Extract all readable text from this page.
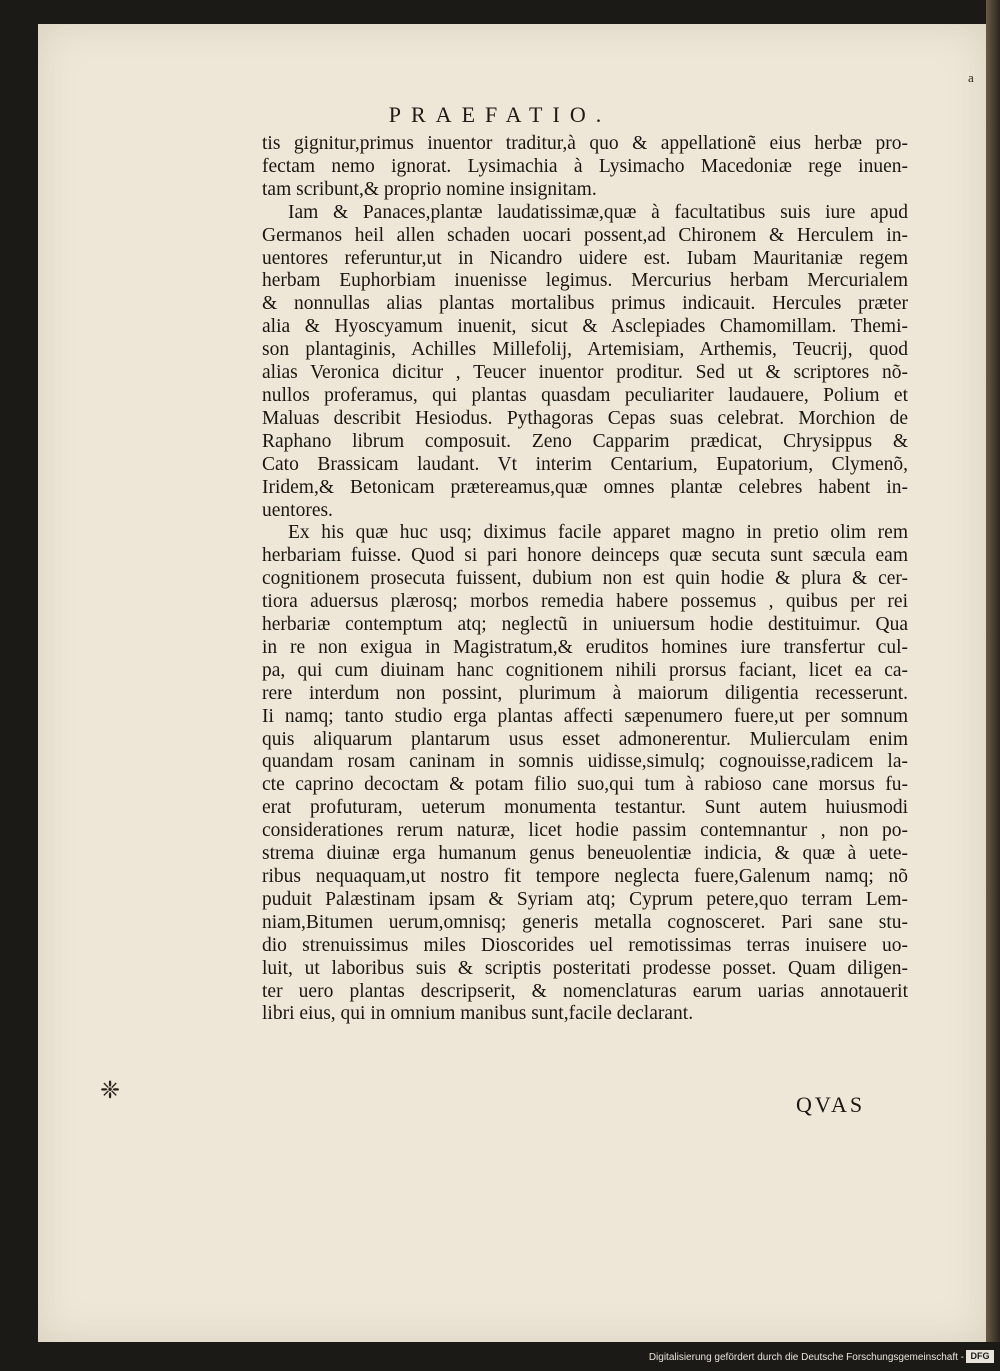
a
PRAEFATIO.
tis gignitur,primus inuentor traditur,à quo & appellationẽ eius herbæ pro-
fectam nemo ignorat. Lysimachia à Lysimacho Macedoniæ rege inuen-
tam scribunt,& proprio nomine insignitam.
Iam & Panaces,plantæ laudatissimæ,quæ à facultatibus suis iure apud
Germanos heil allen schaden uocari possent,ad Chironem & Herculem in-
uentores referuntur,ut in Nicandro uidere est. Iubam Mauritaniæ regem
herbam Euphorbiam inuenisse legimus. Mercurius herbam Mercurialem
& nonnullas alias plantas mortalibus primus indicauit. Hercules præter
alia & Hyoscyamum inuenit, sicut & Asclepiades Chamomillam. Themi-
son plantaginis, Achilles Millefolij, Artemisiam, Arthemis, Teucrij, quod
alias Veronica dicitur , Teucer inuentor proditur. Sed ut & scriptores nõ-
nullos proferamus, qui plantas quasdam peculiariter laudauere, Polium et
Maluas describit Hesiodus. Pythagoras Cepas suas celebrat. Morchion de
Raphano librum composuit. Zeno Capparim prædicat, Chrysippus &
Cato Brassicam laudant. Vt interim Centarium, Eupatorium, Clymenõ,
Iridem,& Betonicam prætereamus,quæ omnes plantæ celebres habent in-
uentores.
Ex his quæ huc usq; diximus facile apparet magno in pretio olim rem
herbariam fuisse. Quod si pari honore deinceps quæ secuta sunt sæcula eam
cognitionem prosecuta fuissent, dubium non est quin hodie & plura & cer-
tiora aduersus plærosq; morbos remedia habere possemus , quibus per rei
herbariæ contemptum atq; neglectũ in uniuersum hodie destituimur. Qua
in re non exigua in Magistratum,& eruditos homines iure transfertur cul-
pa, qui cum diuinam hanc cognitionem nihili prorsus faciant, licet ea ca-
rere interdum non possint, plurimum à maiorum diligentia recesserunt.
Ii namq; tanto studio erga plantas affecti sæpenumero fuere,ut per somnum
quis aliquarum plantarum usus esset admonerentur. Mulierculam enim
quandam rosam caninam in somnis uidisse,simulq; cognouisse,radicem la-
cte caprino decoctam & potam filio suo,qui tum à rabioso cane morsus fu-
erat profuturam, ueterum monumenta testantur. Sunt autem huiusmodi
considerationes rerum naturæ, licet hodie passim contemnantur , non po-
strema diuinæ erga humanum genus beneuolentiæ indicia, & quæ à uete-
ribus nequaquam,ut nostro fit tempore neglecta fuere,Galenum namq; nõ
puduit Palæstinam ipsam & Syriam atq; Cyprum petere,quo terram Lem-
niam,Bitumen uerum,omnisq; generis metalla cognosceret. Pari sane stu-
dio strenuissimus miles Dioscorides uel remotissimas terras inuisere uo-
luit, ut laboribus suis & scriptis posteritati prodesse posset. Quam diligen-
ter uero plantas descripserit, & nomenclaturas earum uarias annotauerit
libri eius, qui in omnium manibus sunt,facile declarant.
❈
QVAS
Digitalisierung gefördert durch die Deutsche Forschungsgemeinschaft - DFG
